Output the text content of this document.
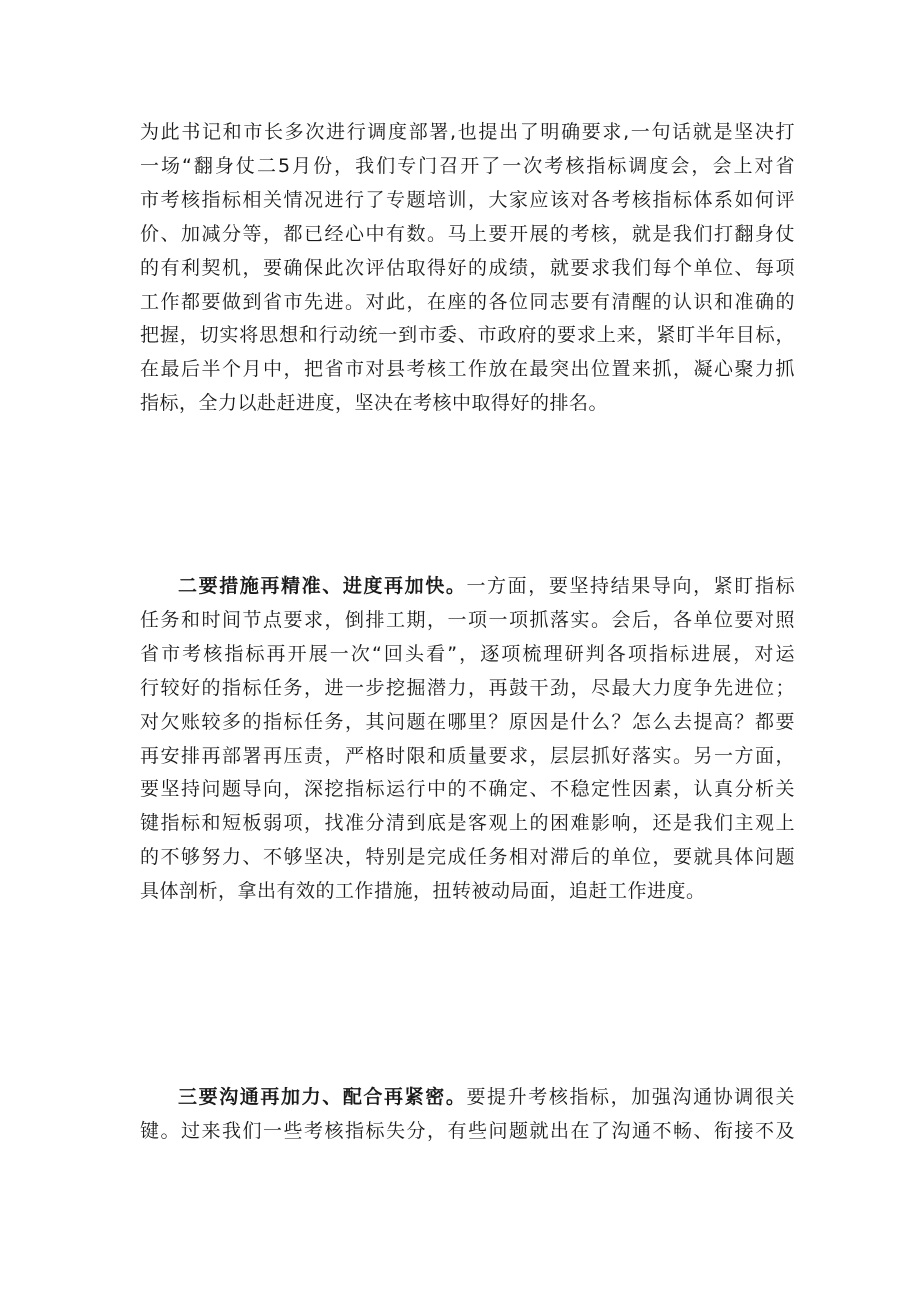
为此书记和市长多次进行调度部署,也提出了明确要求,一句话就是坚决打
一场“翻身仗二5月份，我们专门召开了一次考核指标调度会，会上对省
市考核指标相关情况进行了专题培训，大家应该对各考核指标体系如何评
价、加减分等，都已经心中有数。马上要开展的考核，就是我们打翻身仗
的有利契机，要确保此次评估取得好的成绩，就要求我们每个单位、每项
工作都要做到省市先进。对此，在座的各位同志要有清醒的认识和准确的
把握，切实将思想和行动统一到市委、市政府的要求上来，紧盯半年目标，
在最后半个月中，把省市对县考核工作放在最突出位置来抓，凝心聚力抓
指标，全力以赴赶进度，坚决在考核中取得好的排名。
二要措施再精准、进度再加快。一方面，要坚持结果导向，紧盯指标
任务和时间节点要求，倒排工期，一项一项抓落实。会后，各单位要对照
省市考核指标再开展一次“回头看”，逐项梳理研判各项指标进展，对运
行较好的指标任务，进一步挖掘潜力，再鼓干劲，尽最大力度争先进位；
对欠账较多的指标任务，其问题在哪里？原因是什么？怎么去提高？都要
再安排再部署再压责，严格时限和质量要求，层层抓好落实。另一方面，
要坚持问题导向，深挖指标运行中的不确定、不稳定性因素，认真分析关
键指标和短板弱项，找准分清到底是客观上的困难影响，还是我们主观上
的不够努力、不够坚决，特别是完成任务相对滞后的单位，要就具体问题
具体剖析，拿出有效的工作措施，扭转被动局面，追赶工作进度。
三要沟通再加力、配合再紧密。要提升考核指标，加强沟通协调很关
键。过来我们一些考核指标失分，有些问题就出在了沟通不畅、衔接不及
